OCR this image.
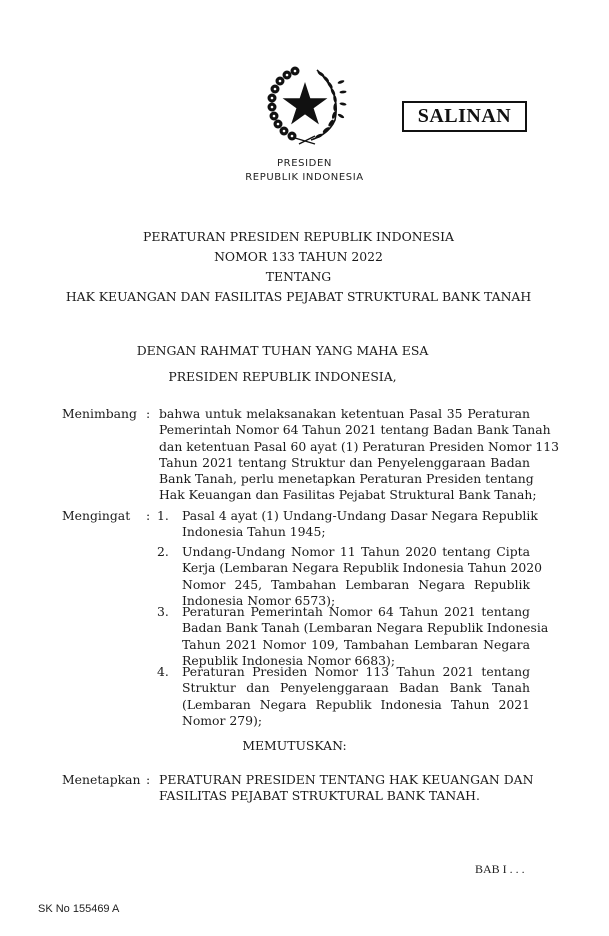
SALINAN
PRESIDEN
REPUBLIK INDONESIA
PERATURAN PRESIDEN REPUBLIK INDONESIA
NOMOR 133 TAHUN 2022
TENTANG
HAK KEUANGAN DAN FASILITAS PEJABAT STRUKTURAL BANK TANAH
DENGAN RAHMAT TUHAN YANG MAHA ESA
PRESIDEN REPUBLIK INDONESIA,
Menimbang : bahwa untuk melaksanakan ketentuan Pasal 35 Peraturan
Pemerintah Nomor 64 Tahun 2021 tentang Badan Bank Tanah
dan ketentuan Pasal 60 ayat (1) Peraturan Presiden Nomor 113
Tahun 2021 tentang Struktur dan Penyelenggaraan Badan
Bank Tanah, perlu menetapkan Peraturan Presiden tentang
Hak Keuangan dan Fasilitas Pejabat Struktural Bank Tanah;
Mengingat : 1. Pasal 4 ayat (1) Undang-Undang Dasar Negara Republik
Indonesia Tahun 1945;
2. Undang-Undang Nomor 11 Tahun 2020 tentang Cipta
Kerja (Lembaran Negara Republik Indonesia Tahun 2020
Nomor 245, Tambahan Lembaran Negara Republik
Indonesia Nomor 6573);
3. Peraturan Pemerintah Nomor 64 Tahun 2021 tentang
Badan Bank Tanah (Lembaran Negara Republik Indonesia
Tahun 2021 Nomor 109, Tambahan Lembaran Negara
Republik Indonesia Nomor 6683);
4. Peraturan Presiden Nomor 113 Tahun 2021 tentang
Struktur dan Penyelenggaraan Badan Bank Tanah
(Lembaran Negara Republik Indonesia Tahun 2021
Nomor 279);
MEMUTUSKAN:
Menetapkan : PERATURAN PRESIDEN TENTANG HAK KEUANGAN DAN
FASILITAS PEJABAT STRUKTURAL BANK TANAH.
BAB I . . .
SK No 155469 A
